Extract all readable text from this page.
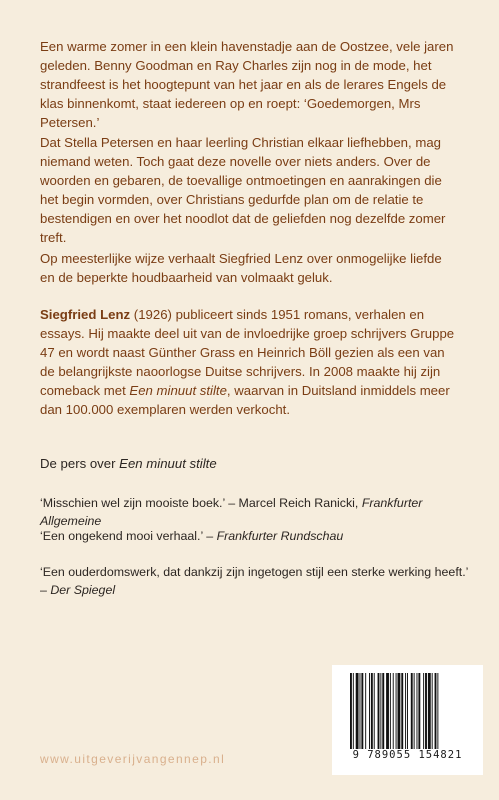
Een warme zomer in een klein havenstadje aan de Oostzee, vele jaren geleden. Benny Goodman en Ray Charles zijn nog in de mode, het strandfeest is het hoogtepunt van het jaar en als de lerares Engels de klas binnenkomt, staat iedereen op en roept: ‘Goedemorgen, Mrs Petersen.’

Dat Stella Petersen en haar leerling Christian elkaar liefhebben, mag niemand weten. Toch gaat deze novelle over niets anders. Over de woorden en gebaren, de toevallige ontmoetingen en aanrakingen die het begin vormden, over Christians gedurfde plan om de relatie te bestendigen en over het noodlot dat de geliefden nog dezelfde zomer treft.

Op meesterlijke wijze verhaalt Siegfried Lenz over onmogelijke liefde en de beperkte houdbaarheid van volmaakt geluk.

Siegfried Lenz (1926) publiceert sinds 1951 romans, verhalen en essays. Hij maakte deel uit van de invloedrijke groep schrijvers Gruppe 47 en wordt naast Günther Grass en Heinrich Böll gezien als een van de belangrijkste naoorlogse Duitse schrijvers. In 2008 maakte hij zijn comeback met Een minuut stilte, waarvan in Duitsland inmiddels meer dan 100.000 exemplaren werden verkocht.

De pers over Een minuut stilte
‘Misschien wel zijn mooiste boek.’ – Marcel Reich Ranicki, Frankfurter Allgemeine
‘Een ongekend mooi verhaal.’ – Frankfurter Rundschau
‘Een ouderdomswerk, dat dankzij zijn ingetogen stijl een sterke werking heeft.’
– Der Spiegel
www.uitgeverijvangennep.nl	9 789055 154821
